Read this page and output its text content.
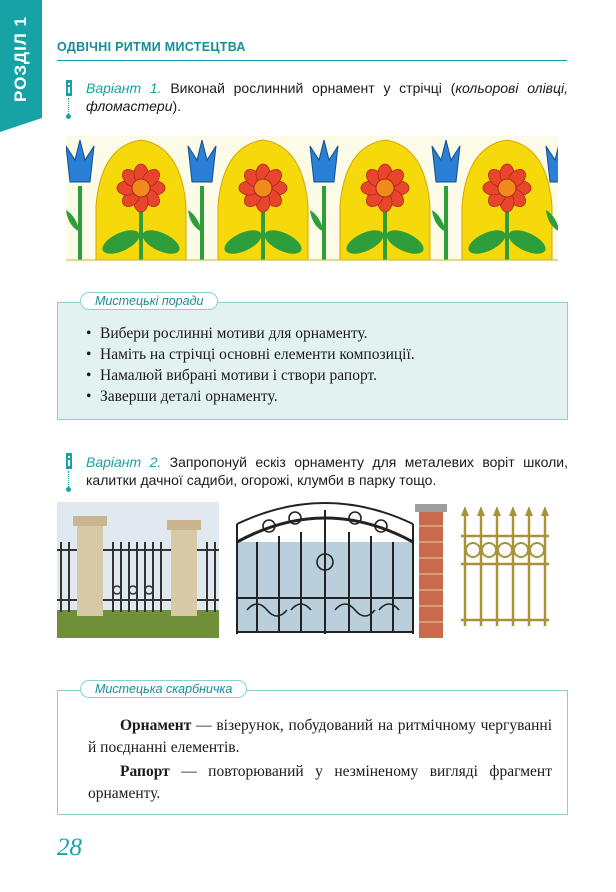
РОЗДІЛ 1 ОДВІЧНІ РИТМИ МИСТЕЦТВА
Варіант 1. Виконай рослинний орнамент у стрічці (кольорові олівці, фломастери).
Мистецькі поради
• Вибери рослинні мотиви для орнаменту.
• Наміть на стрічці основні елементи композиції.
• Намалюй вибрані мотиви і створи рапорт.
• Заверши деталі орнаменту.
Варіант 2. Запропонуй ескіз орнаменту для металевих воріт школи, калитки дачної садиби, огорожі, клумби в парку тощо.
Мистецька скарбничка

Орнамент — візерунок, побудований на ритмічному чергуванні й поєднанні елементів.

Рапорт — повторюваний у незміненому вигляді фрагмент орнаменту.

28
